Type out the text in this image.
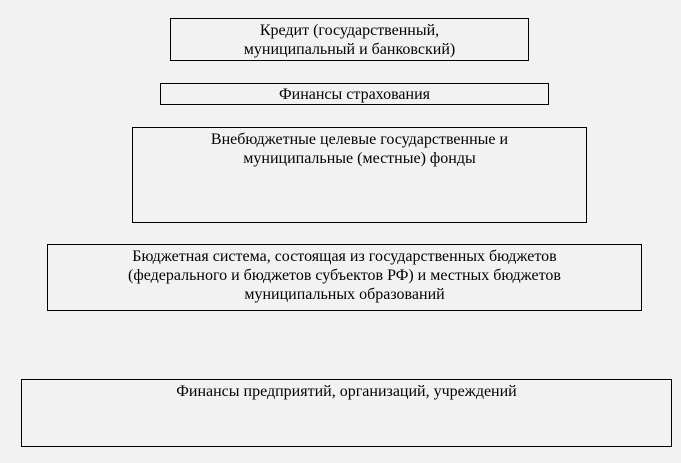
Кредит (государственный,
муниципальный и банковский)
Финансы страхования
Внебюджетные целевые государственные и
муниципальные (местные) фонды
Бюджетная система, состоящая из государственных бюджетов
(федерального и бюджетов субъектов РФ) и местных бюджетов
муниципальных образований
Финансы предприятий, организаций, учреждений
